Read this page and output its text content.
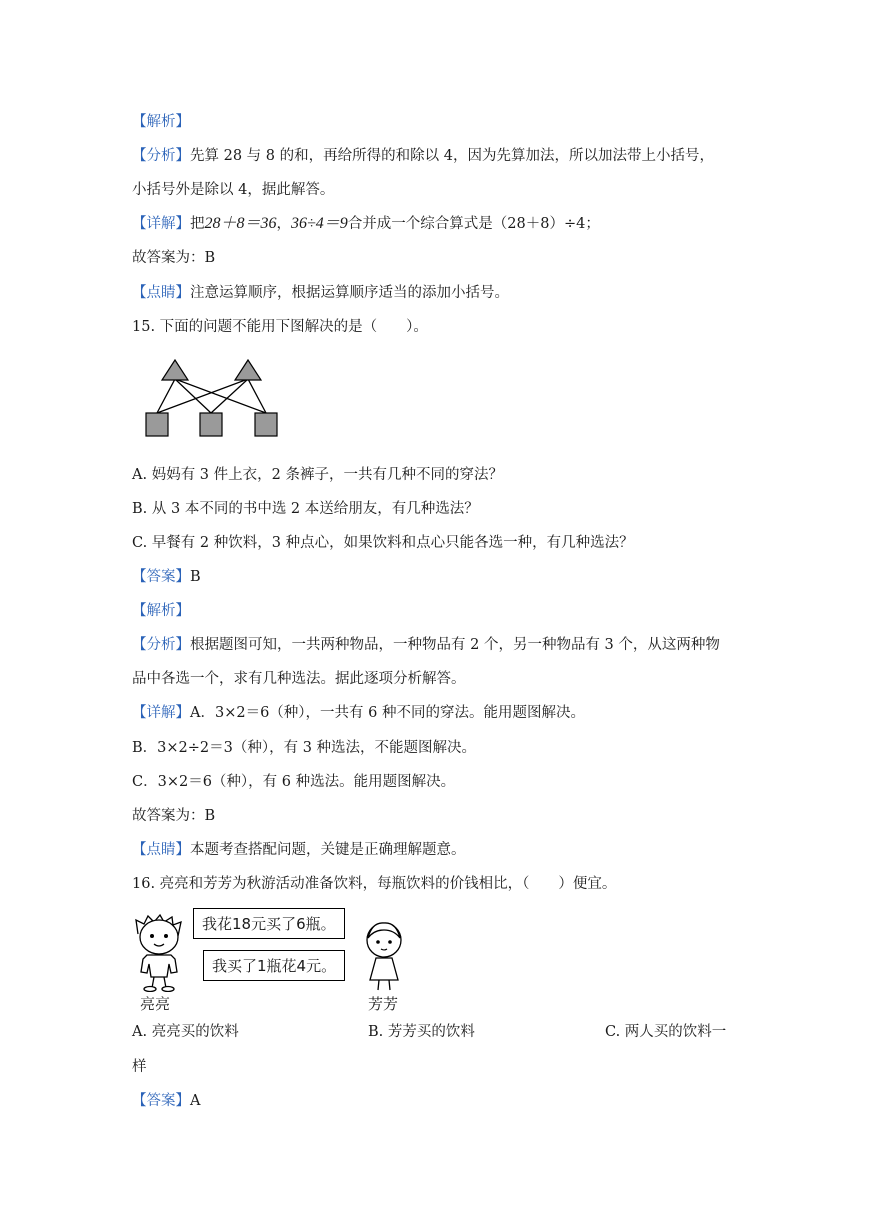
【解析】
【分析】先算 28 与 8 的和，再给所得的和除以 4，因为先算加法，所以加法带上小括号，
小括号外是除以 4，据此解答。
【详解】把28＋8＝36，36÷4＝9合并成一个综合算式是（28＋8）÷4；
故答案为：B
【点睛】注意运算顺序，根据运算顺序适当的添加小括号。
15. 下面的问题不能用下图解决的是（　　）。
A. 妈妈有 3 件上衣，2 条裤子，一共有几种不同的穿法？
B. 从 3 本不同的书中选 2 本送给朋友，有几种选法？
C. 早餐有 2 种饮料，3 种点心，如果饮料和点心只能各选一种，有几种选法？
【答案】B
【解析】
【分析】根据题图可知，一共两种物品，一种物品有 2 个，另一种物品有 3 个，从这两种物
品中各选一个，求有几种选法。据此逐项分析解答。
【详解】A．3×2＝6（种），一共有 6 种不同的穿法。能用题图解决。
B．3×2÷2＝3（种），有 3 种选法，不能题图解决。
C．3×2＝6（种），有 6 种选法。能用题图解决。
故答案为：B
【点睛】本题考查搭配问题，关键是正确理解题意。
16. 亮亮和芳芳为秋游活动准备饮料，每瓶饮料的价钱相比，（　　）便宜。
我花18元买了6瓶。
我买了1瓶花4元。
亮亮	芳芳
A. 亮亮买的饮料	B. 芳芳买的饮料	C. 两人买的饮料一
样
【答案】A
